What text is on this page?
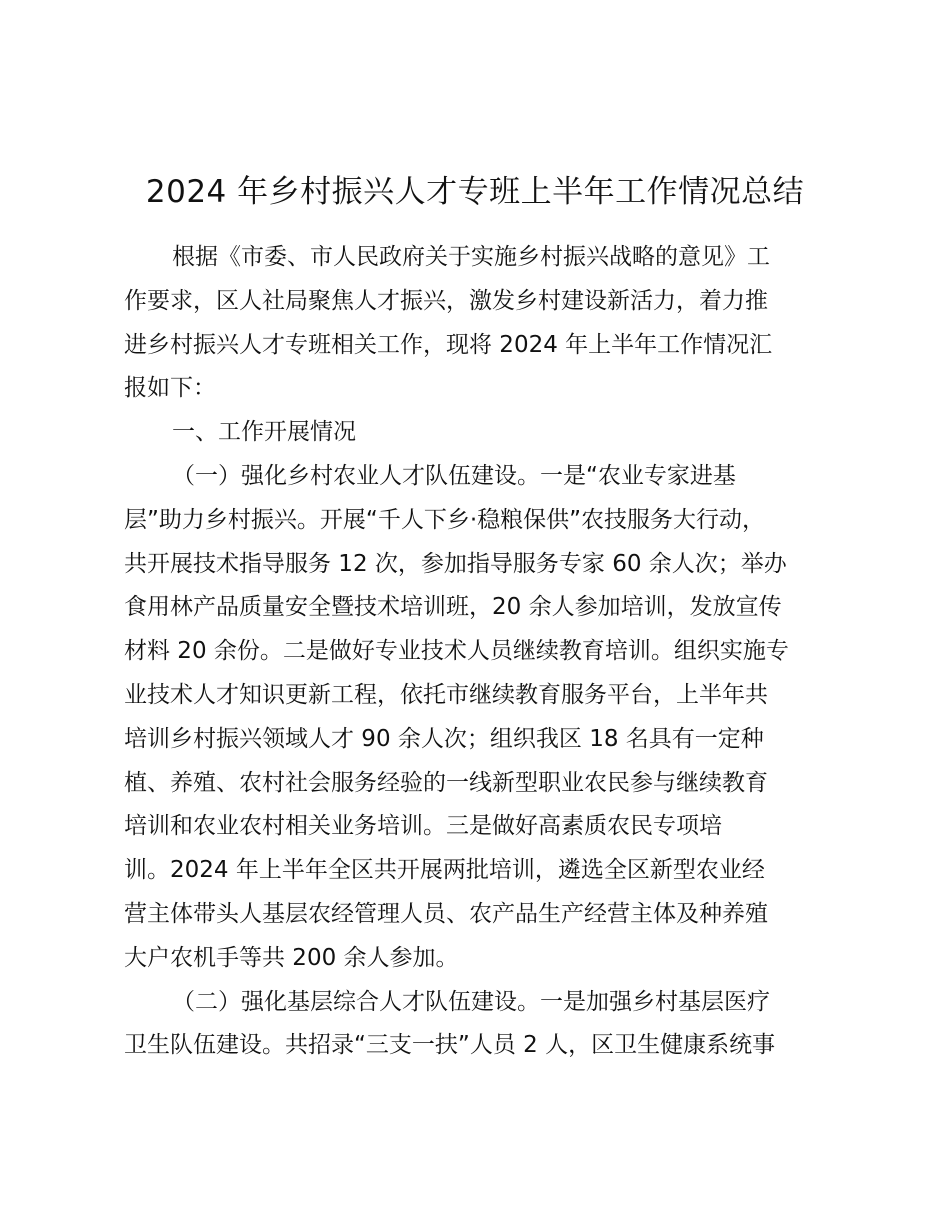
2024 年乡村振兴人才专班上半年工作情况总结
根据《市委、市人民政府关于实施乡村振兴战略的意见》工
作要求，区人社局聚焦人才振兴，激发乡村建设新活力，着力推
进乡村振兴人才专班相关工作，现将 2024 年上半年工作情况汇
报如下：
一、工作开展情况
（一）强化乡村农业人才队伍建设。一是“农业专家进基
层”助力乡村振兴。开展“千人下乡·稳粮保供”农技服务大行动，
共开展技术指导服务 12 次，参加指导服务专家 60 余人次；举办
食用林产品质量安全暨技术培训班，20 余人参加培训，发放宣传
材料 20 余份。二是做好专业技术人员继续教育培训。组织实施专
业技术人才知识更新工程，依托市继续教育服务平台，上半年共
培训乡村振兴领域人才 90 余人次；组织我区 18 名具有一定种
植、养殖、农村社会服务经验的一线新型职业农民参与继续教育
培训和农业农村相关业务培训。三是做好高素质农民专项培
训。2024 年上半年全区共开展两批培训，遴选全区新型农业经
营主体带头人基层农经管理人员、农产品生产经营主体及种养殖
大户农机手等共 200 余人参加。
（二）强化基层综合人才队伍建设。一是加强乡村基层医疗
卫生队伍建设。共招录“三支一扶”人员 2 人，区卫生健康系统事
